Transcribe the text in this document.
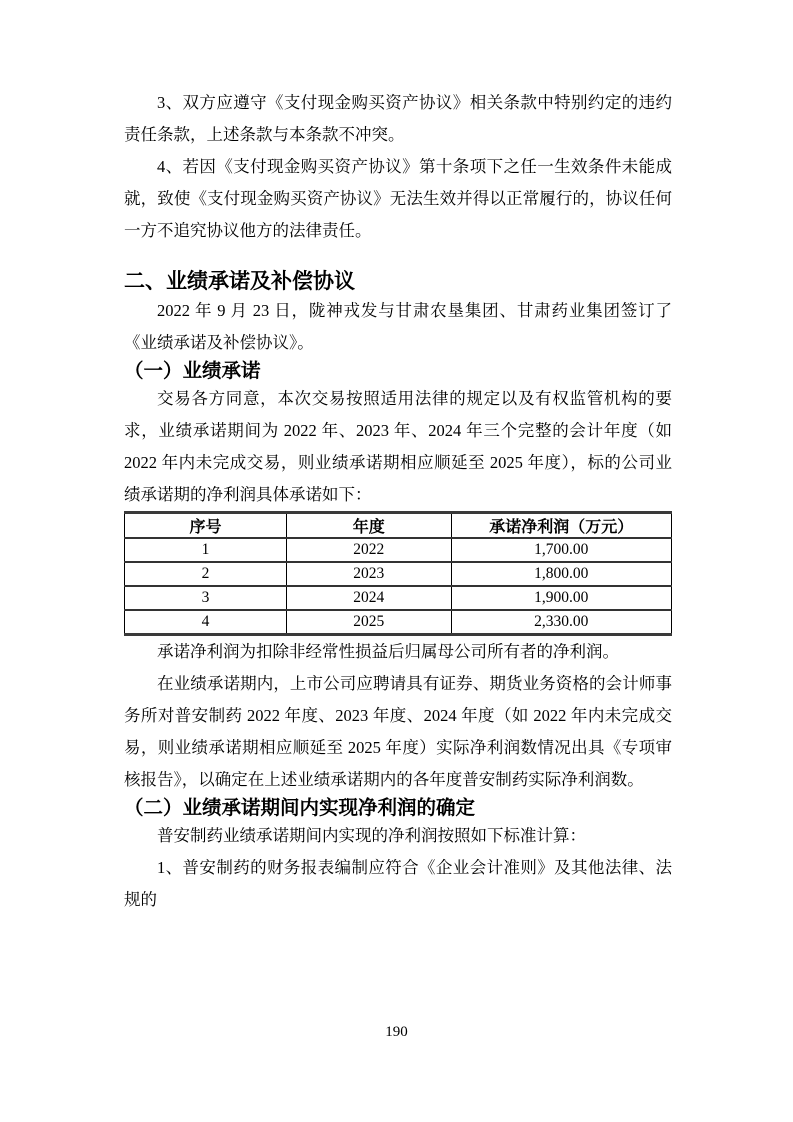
3、双方应遵守《支付现金购买资产协议》相关条款中特别约定的违约责任条款，上述条款与本条款不冲突。

4、若因《支付现金购买资产协议》第十条项下之任一生效条件未能成就，致使《支付现金购买资产协议》无法生效并得以正常履行的，协议任何一方不追究协议他方的法律责任。

二、业绩承诺及补偿协议

2022 年 9 月 23 日，陇神戎发与甘肃农垦集团、甘肃药业集团签订了《业绩承诺及补偿协议》。

（一）业绩承诺

交易各方同意，本次交易按照适用法律的规定以及有权监管机构的要求，业绩承诺期间为 2022 年、2023 年、2024 年三个完整的会计年度（如 2022 年内未完成交易，则业绩承诺期相应顺延至 2025 年度），标的公司业绩承诺期的净利润具体承诺如下：

序号	年度	承诺净利润（万元）
1	2022	1,700.00
2	2023	1,800.00
3	2024	1,900.00
4	2025	2,330.00

承诺净利润为扣除非经常性损益后归属母公司所有者的净利润。

在业绩承诺期内，上市公司应聘请具有证券、期货业务资格的会计师事务所对普安制药 2022 年度、2023 年度、2024 年度（如 2022 年内未完成交易，则业绩承诺期相应顺延至 2025 年度）实际净利润数情况出具《专项审核报告》，以确定在上述业绩承诺期内的各年度普安制药实际净利润数。

（二）业绩承诺期间内实现净利润的确定

普安制药业绩承诺期间内实现的净利润按照如下标准计算：

1、普安制药的财务报表编制应符合《企业会计准则》及其他法律、法规的

190
